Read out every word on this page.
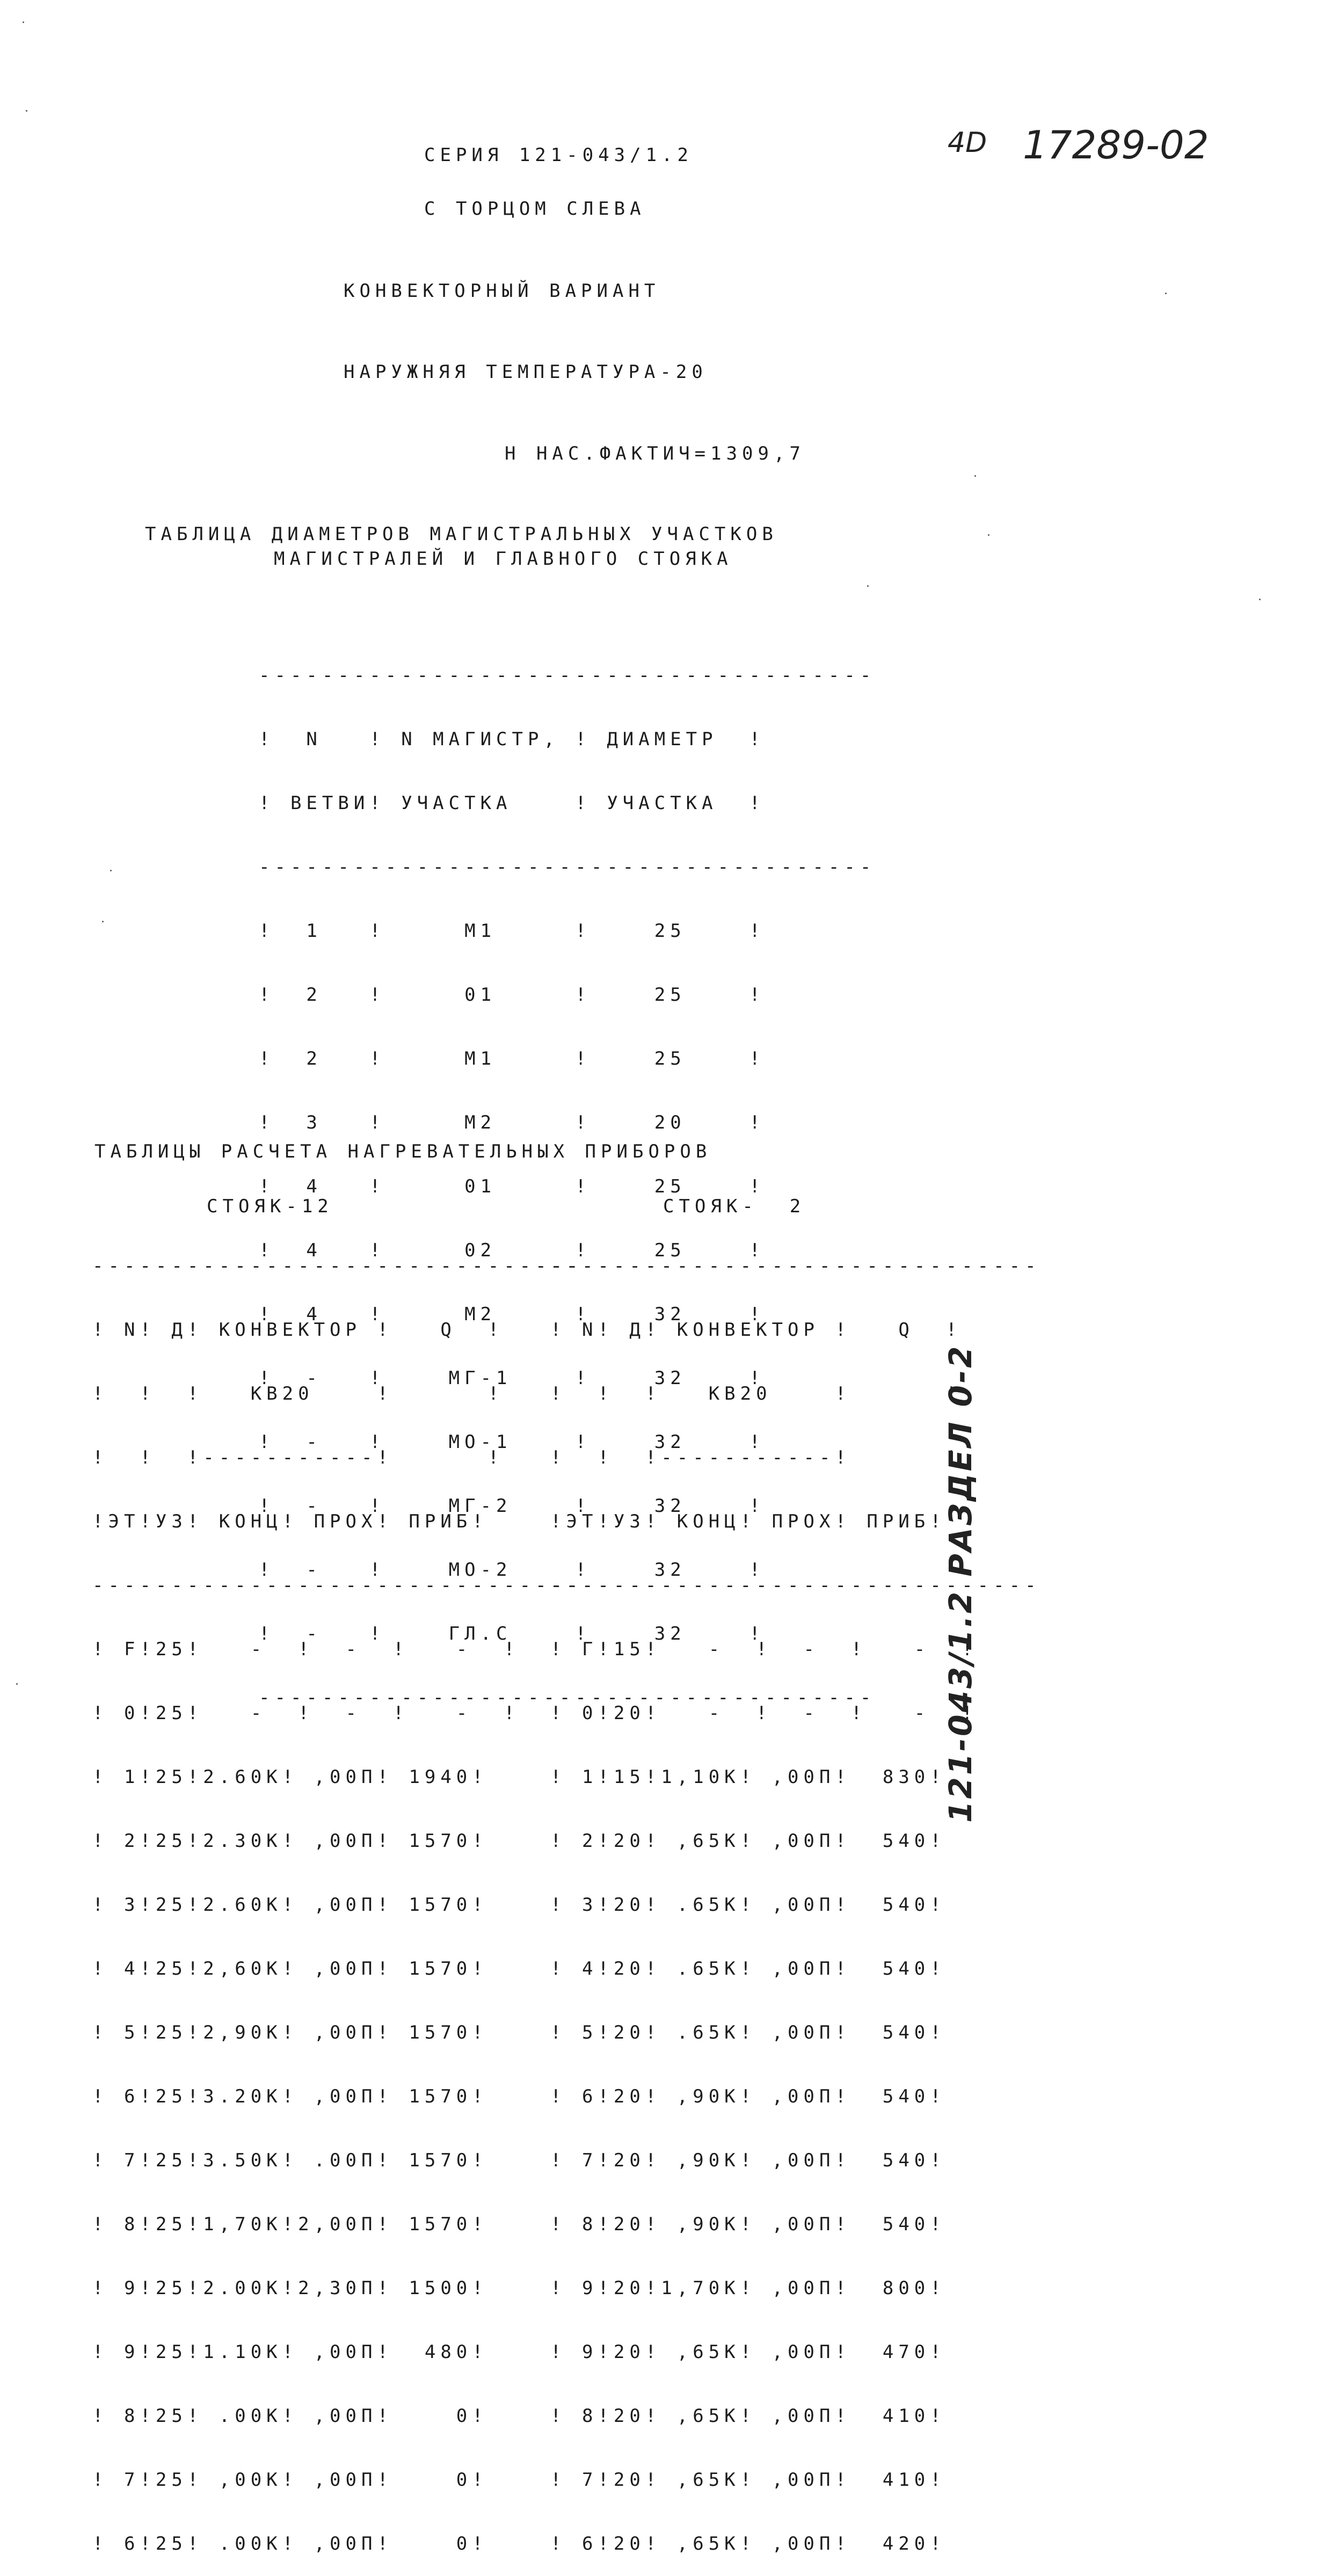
4D 17289-02
СЕРИЯ 121-043/1.2
С ТОРЦОМ СЛЕВА
КОНВЕКТОРНЫЙ ВАРИАНТ
НАРУЖНЯЯ ТЕМПЕРАТУРА-20
Н НАС.ФАКТИЧ=1309,7
ТАБЛИЦА ДИАМЕТРОВ МАГИСТРАЛЬНЫХ УЧАСТКОВ
МАГИСТРАЛЕЙ И ГЛАВНОГО СТОЯКА

---------------------------------------

!  N   ! N МАГИСТР, ! ДИАМЕТР  !

! ВЕТВИ! УЧАСТКА    ! УЧАСТКА  !

---------------------------------------

!  1   !     М1     !    25    !

!  2   !     01     !    25    !

!  2   !     М1     !    25    !

!  3   !     М2     !    20    !

!  4   !     01     !    25    !

!  4   !     02     !    25    !

!  4   !     М2     !    32    !

!  -   !    МГ-1    !    32    !

!  -   !    МО-1    !    32    !

!  -   !    МГ-2    !    32    !

!  -   !    МО-2    !    32    !

!  -   !    ГЛ.С    !    32    !

---------------------------------------

ТАБЛИЦЫ РАСЧЕТА НАГРЕВАТЕЛЬНЫХ ПРИБОРОВ
СТОЯК-12

-------------------------------

! N! Д! КОНВЕКТОР !   Q  !

!  !  !   КВ20    !      !

!  !  !-----------!      !

!ЭТ!УЗ! КОНЦ! ПРОХ! ПРИБ!

-------------------------------

! F!25!   -  !  -  !   -  !

! 0!25!   -  !  -  !   -  !

! 1!25!2.60К! ,00П! 1940!

! 2!25!2.30К! ,00П! 1570!

! 3!25!2.60К! ,00П! 1570!

! 4!25!2,60К! ,00П! 1570!

! 5!25!2,90К! ,00П! 1570!

! 6!25!3.20К! ,00П! 1570!

! 7!25!3.50К! .00П! 1570!

! 8!25!1,70К!2,00П! 1570!

! 9!25!2.00К!2,30П! 1500!

! 9!25!1.10К! ,00П!  480!

! 8!25! .00К! ,00П!    0!

! 7!25! ,00К! ,00П!    0!

! 6!25! .00К! ,00П!    0!

СТОЯК-  2

-------------------------------

! N! Д! КОНВЕКТОР !   Q  !

!  !  !   КВ20    !      !

!  !  !-----------!      !

!ЭТ!УЗ! КОНЦ! ПРОХ! ПРИБ!

-------------------------------

! Г!15!   -  !  -  !   -  !

! 0!20!   -  !  -  !   -  !

! 1!15!1,10К! ,00П!  830!

! 2!20! ,65К! ,00П!  540!

! 3!20! .65К! ,00П!  540!

! 4!20! .65К! ,00П!  540!

! 5!20! .65К! ,00П!  540!

! 6!20! ,90К! ,00П!  540!

! 7!20! ,90К! ,00П!  540!

! 8!20! ,90К! ,00П!  540!

! 9!20!1,70К! ,00П!  800!

! 9!20! ,65К! ,00П!  470!

! 8!20! ,65К! ,00П!  410!

! 7!20! ,65К! ,00П!  410!

! 6!20! ,65К! ,00П!  420!

121-043/1.2 РАЗДЕЛ 0-2
